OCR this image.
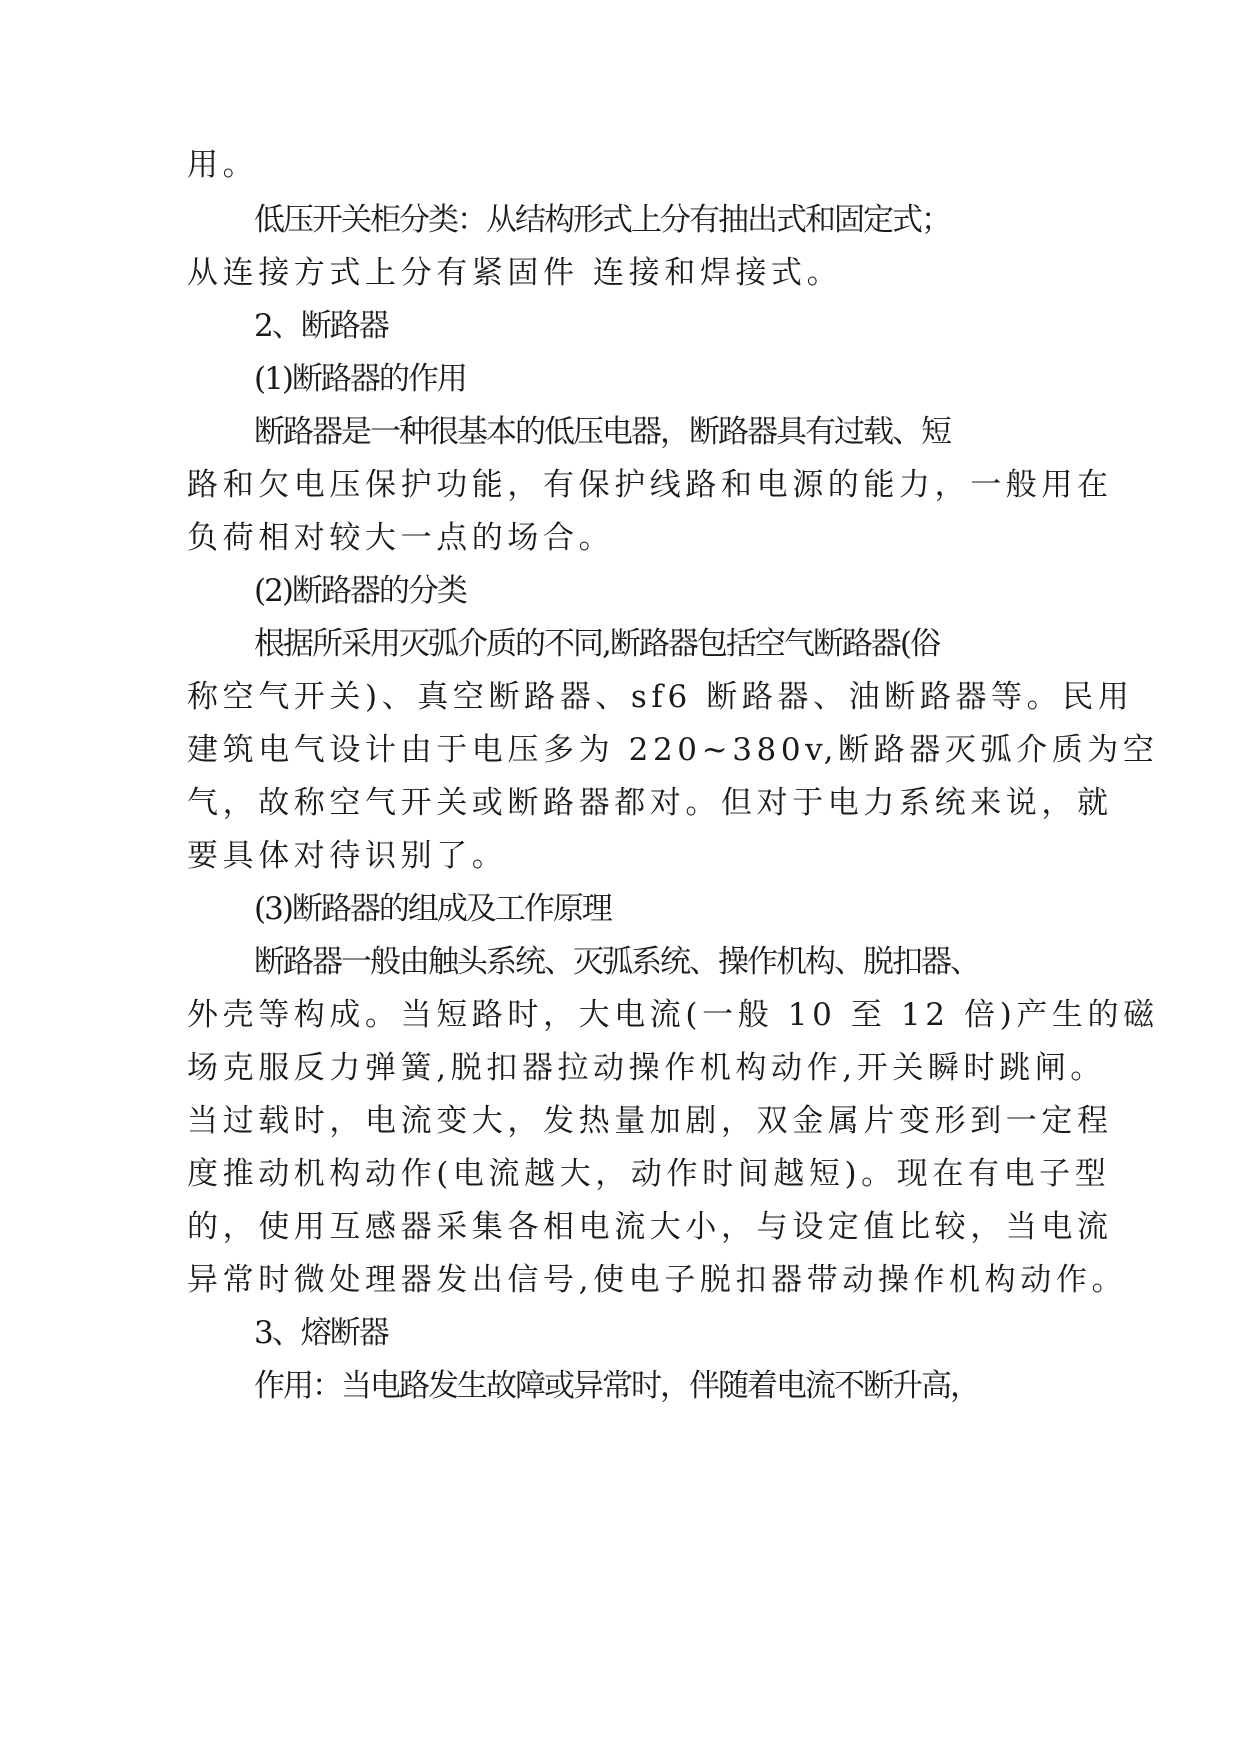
用。
低压开关柜分类：从结构形式上分有抽出式和固定式；
从连接方式上分有紧固件 连接和焊接式。
2、断路器
(1)断路器的作用
断路器是一种很基本的低压电器，断路器具有过载、短
路和欠电压保护功能，有保护线路和电源的能力，一般用在
负荷相对较大一点的场合。
(2)断路器的分类
根据所采用灭弧介质的不同,断路器包括空气断路器(俗
称空气开关)、真空断路器、sf6 断路器、油断路器等。民用
建筑电气设计由于电压多为 220~380v,断路器灭弧介质为空
气，故称空气开关或断路器都对。但对于电力系统来说，就
要具体对待识别了。
(3)断路器的组成及工作原理
断路器一般由触头系统、灭弧系统、操作机构、脱扣器、
外壳等构成。当短路时，大电流(一般 10 至 12 倍)产生的磁
场克服反力弹簧,脱扣器拉动操作机构动作,开关瞬时跳闸。
当过载时，电流变大，发热量加剧，双金属片变形到一定程
度推动机构动作(电流越大，动作时间越短)。现在有电子型
的，使用互感器采集各相电流大小，与设定值比较，当电流
异常时微处理器发出信号,使电子脱扣器带动操作机构动作。
3、熔断器
作用：当电路发生故障或异常时，伴随着电流不断升高，
